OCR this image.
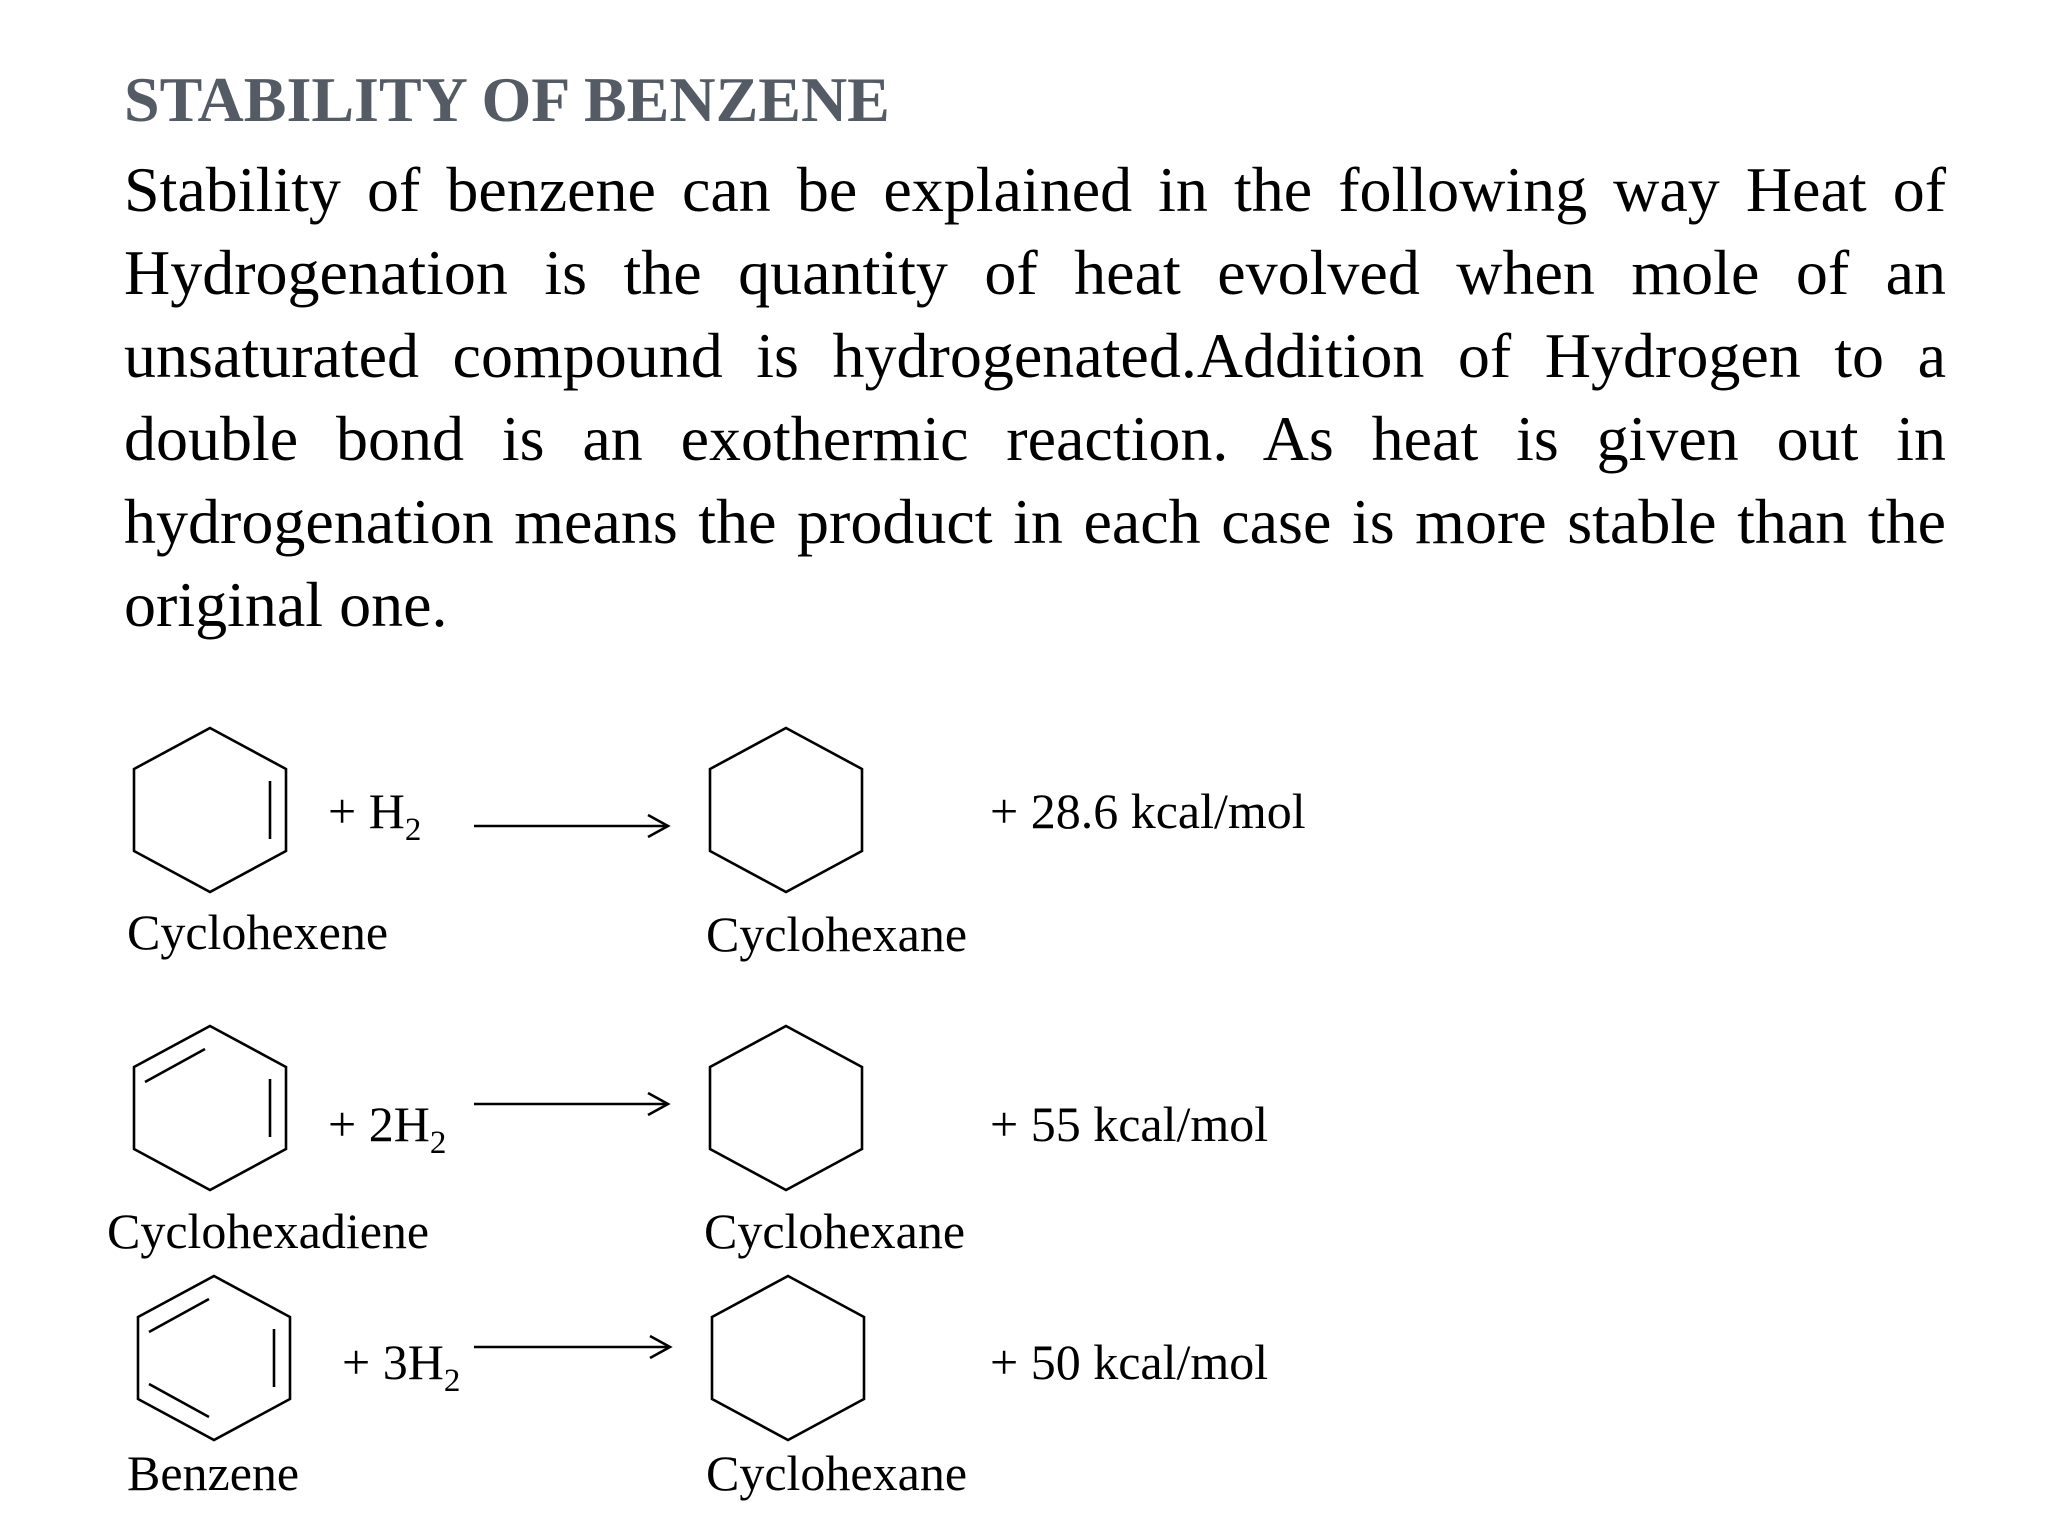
STABILITY OF BENZENE

Stability of benzene can be explained in the following way Heat of Hydrogenation is the quantity of heat evolved when mole of an unsaturated compound is hydrogenated.Addition of Hydrogen to a double bond is an exothermic reaction. As heat is given out in hydrogenation means the product in each case is more stable than the original one.

+ $H_2$	+ 28.6 kcal/mol
Cyclohexene	Cyclohexane
+ $2H_2$	+ 55 kcal/mol
Cyclohexadiene	Cyclohexane
+ $3H_2$	+ 50 kcal/mol
Benzene	Cyclohexane
